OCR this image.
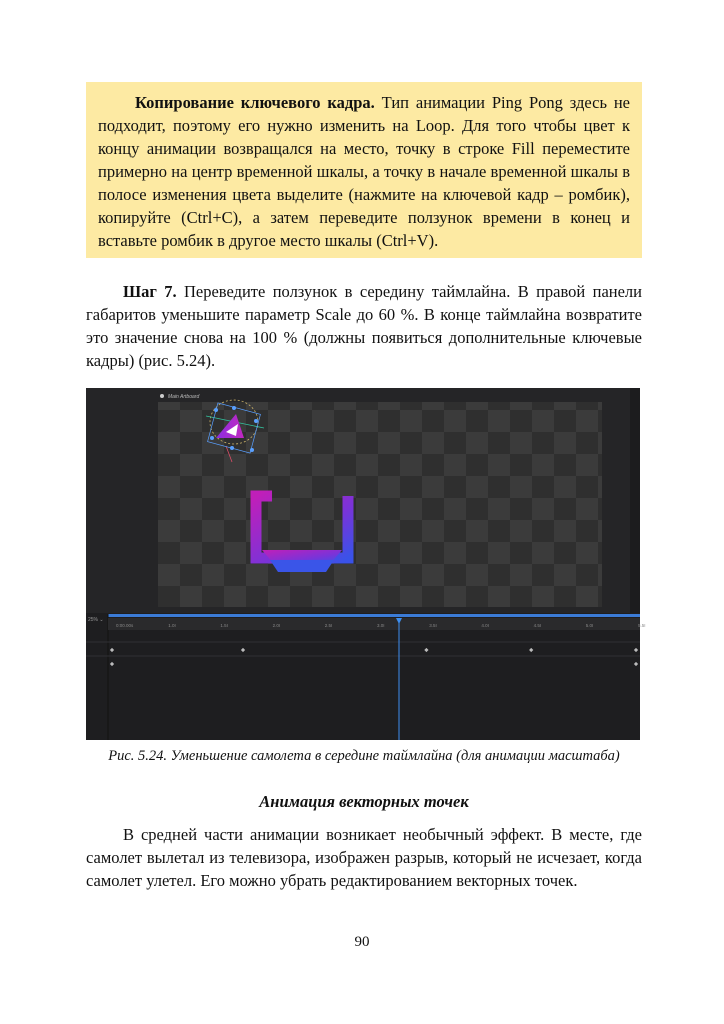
Копирование ключевого кадра. Тип анимации Ping Pong здесь не подходит, поэтому его нужно изменить на Loop. Для того чтобы цвет к концу анимации возвращался на место, точку в строке Fill переместите примерно на центр временной шкалы, а точку в начале временной шкалы в полосе изменения цвета выделите (нажмите на ключевой кадр – ромбик), копируйте (Ctrl+C), а затем переведите ползунок времени в конец и вставьте ромбик в другое место шкалы (Ctrl+V).

Шаг 7. Переведите ползунок в середину таймлайна. В правой панели габаритов уменьшите параметр Scale до 60 %. В конце таймлайна возвратите это значение снова на 100 % (должны появиться дополнительные ключевые кадры) (рис. 5.24).

Main Artboard
25% ⌄
0:00.00s	1.0I	1.5I	2.0I	2.5I	3.0I	3.5I	4.0I	4.5I	5.0I	5.5I
Рис. 5.24. Уменьшение самолета в середине таймлайна (для анимации масштаба)
Анимация векторных точек

В средней части анимации возникает необычный эффект. В месте, где самолет вылетал из телевизора, изображен разрыв, который не исчезает, когда самолет улетел. Его можно убрать редактированием векторных точек.

90
